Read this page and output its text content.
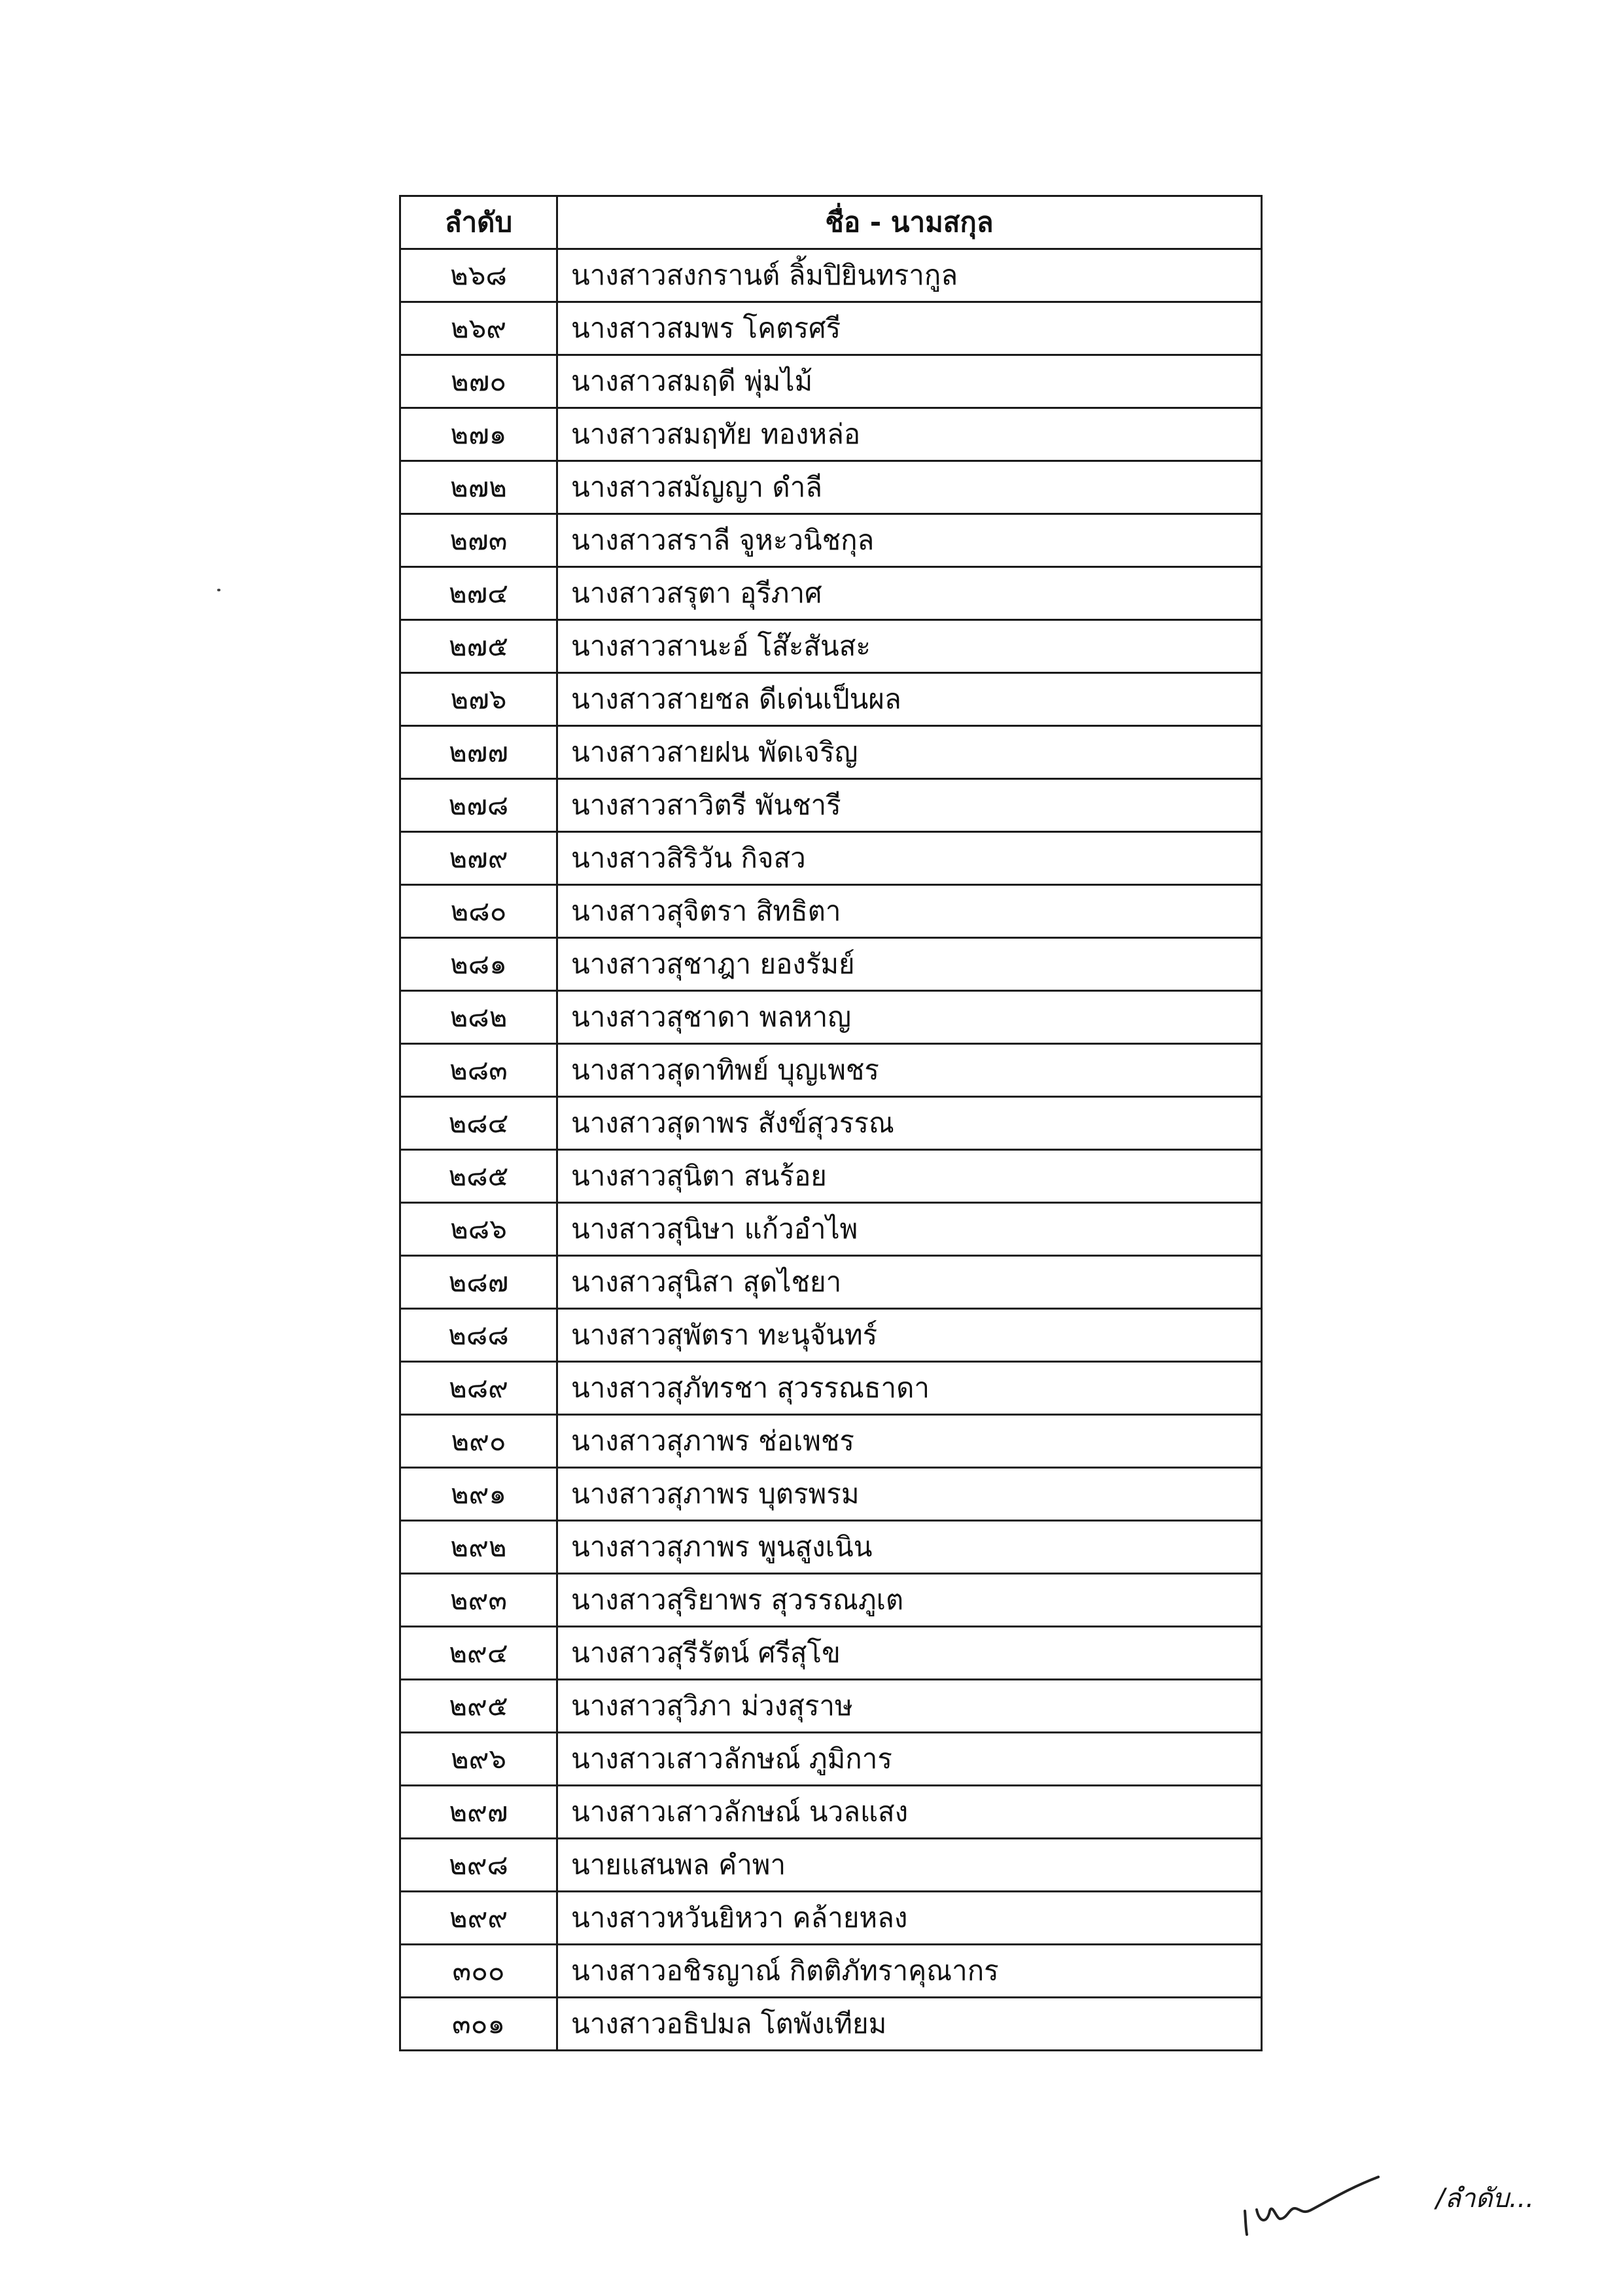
ลำดับ	ชื่อ - นามสกุล
๒๖๘	นางสาวสงกรานต์ ลิ้มปิยินทรากูล
๒๖๙	นางสาวสมพร โคตรศรี
๒๗๐	นางสาวสมฤดี พุ่มไม้
๒๗๑	นางสาวสมฤทัย ทองหล่อ
๒๗๒	นางสาวสมัญญา ดำลี
๒๗๓	นางสาวสราลี จูหะวนิชกุล
๒๗๔	นางสาวสรุตา อุรีภาศ
๒๗๕	นางสาวสานะอ์ โส๊ะสันสะ
๒๗๖	นางสาวสายชล ดีเด่นเป็นผล
๒๗๗	นางสาวสายฝน พัดเจริญ
๒๗๘	นางสาวสาวิตรี พันชารี
๒๗๙	นางสาวสิริวัน กิจสว
๒๘๐	นางสาวสุจิตรา สิทธิตา
๒๘๑	นางสาวสุชาฎา ยองรัมย์
๒๘๒	นางสาวสุชาดา พลหาญ
๒๘๓	นางสาวสุดาทิพย์ บุญเพชร
๒๘๔	นางสาวสุดาพร สังข์สุวรรณ
๒๘๕	นางสาวสุนิตา สนร้อย
๒๘๖	นางสาวสุนิษา แก้วอำไพ
๒๘๗	นางสาวสุนิสา สุดไชยา
๒๘๘	นางสาวสุพัตรา ทะนุจันทร์
๒๘๙	นางสาวสุภัทรชา สุวรรณธาดา
๒๙๐	นางสาวสุภาพร ช่อเพชร
๒๙๑	นางสาวสุภาพร บุตรพรม
๒๙๒	นางสาวสุภาพร พูนสูงเนิน
๒๙๓	นางสาวสุริยาพร สุวรรณภูเต
๒๙๔	นางสาวสุรีรัตน์ ศรีสุโข
๒๙๕	นางสาวสุวิภา ม่วงสุราษ
๒๙๖	นางสาวเสาวลักษณ์ ภูมิการ
๒๙๗	นางสาวเสาวลักษณ์ นวลแสง
๒๙๘	นายแสนพล คำพา
๒๙๙	นางสาวหวันยิหวา คล้ายหลง
๓๐๐	นางสาวอชิรญาณ์ กิตติภัทราคุณากร
๓๐๑	นางสาวอธิปมล โตพังเทียม
/ลำดับ...
